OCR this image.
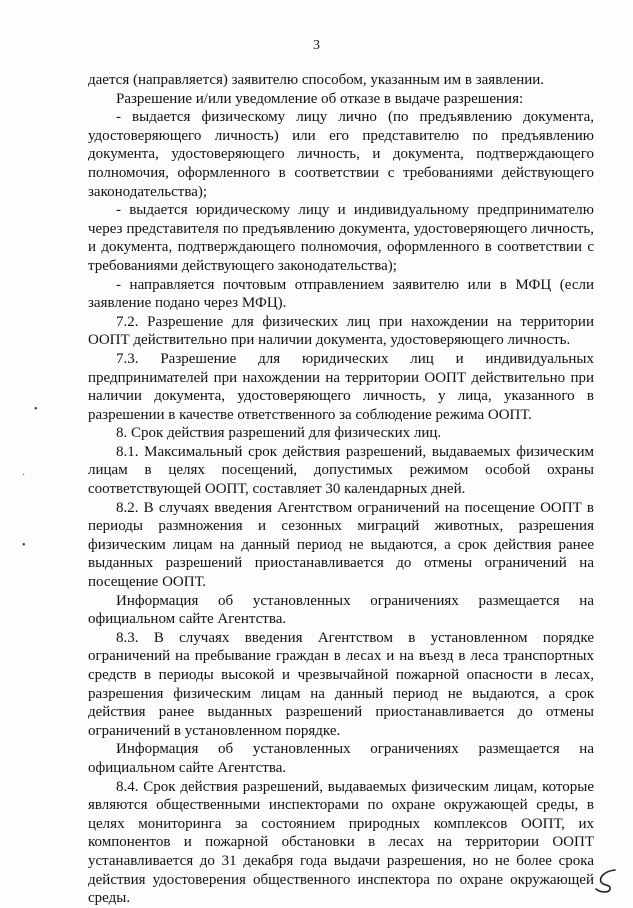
3
•
·
•

дается (направляется) заявителю способом, указанным им в заявлении.

Разрешение и/или уведомление об отказе в выдаче разрешения:

- выдается физическому лицу лично (по предъявлению документа, удостоверяющего личность) или его представителю по предъявлению документа, удостоверяющего личность, и документа, подтверждающего полномочия, оформленного в соответствии с требованиями действующего законодательства);

- выдается юридическому лицу и индивидуальному предпринимателю через представителя по предъявлению документа, удостоверяющего личность, и документа, подтверждающего полномочия, оформленного в соответствии с требованиями действующего законодательства);

- направляется почтовым отправлением заявителю или в МФЦ (если заявление подано через МФЦ).

7.2. Разрешение для физических лиц при нахождении на территории ООПТ действительно при наличии документа, удостоверяющего личность.

7.3. Разрешение для юридических лиц и индивидуальных предпринимателей при нахождении на территории ООПТ действительно при наличии документа, удостоверяющего личность, у лица, указанного в разрешении в качестве ответственного за соблюдение режима ООПТ.

8. Срок действия разрешений для физических лиц.

8.1. Максимальный срок действия разрешений, выдаваемых физическим лицам в целях посещений, допустимых режимом особой охраны соответствующей ООПТ, составляет 30 календарных дней.

8.2. В случаях введения Агентством ограничений на посещение ООПТ в периоды размножения и сезонных миграций животных, разрешения физическим лицам на данный период не выдаются, а срок действия ранее выданных разрешений приостанавливается до отмены ограничений на посещение ООПТ.

Информация об установленных ограничениях размещается на официальном сайте Агентства.

8.3. В случаях введения Агентством в установленном порядке ограничений на пребывание граждан в лесах и на въезд в леса транспортных средств в периоды высокой и чрезвычайной пожарной опасности в лесах, разрешения физическим лицам на данный период не выдаются, а срок действия ранее выданных разрешений приостанавливается до отмены ограничений в установленном порядке.

Информация об установленных ограничениях размещается на официальном сайте Агентства.

8.4. Срок действия разрешений, выдаваемых физическим лицам, которые являются общественными инспекторами по охране окружающей среды, в целях мониторинга за состоянием природных комплексов ООПТ, их компонентов и пожарной обстановки в лесах на территории ООПТ устанавливается до 31 декабря года выдачи разрешения, но не более срока действия удостоверения общественного инспектора по охране окружающей среды.
